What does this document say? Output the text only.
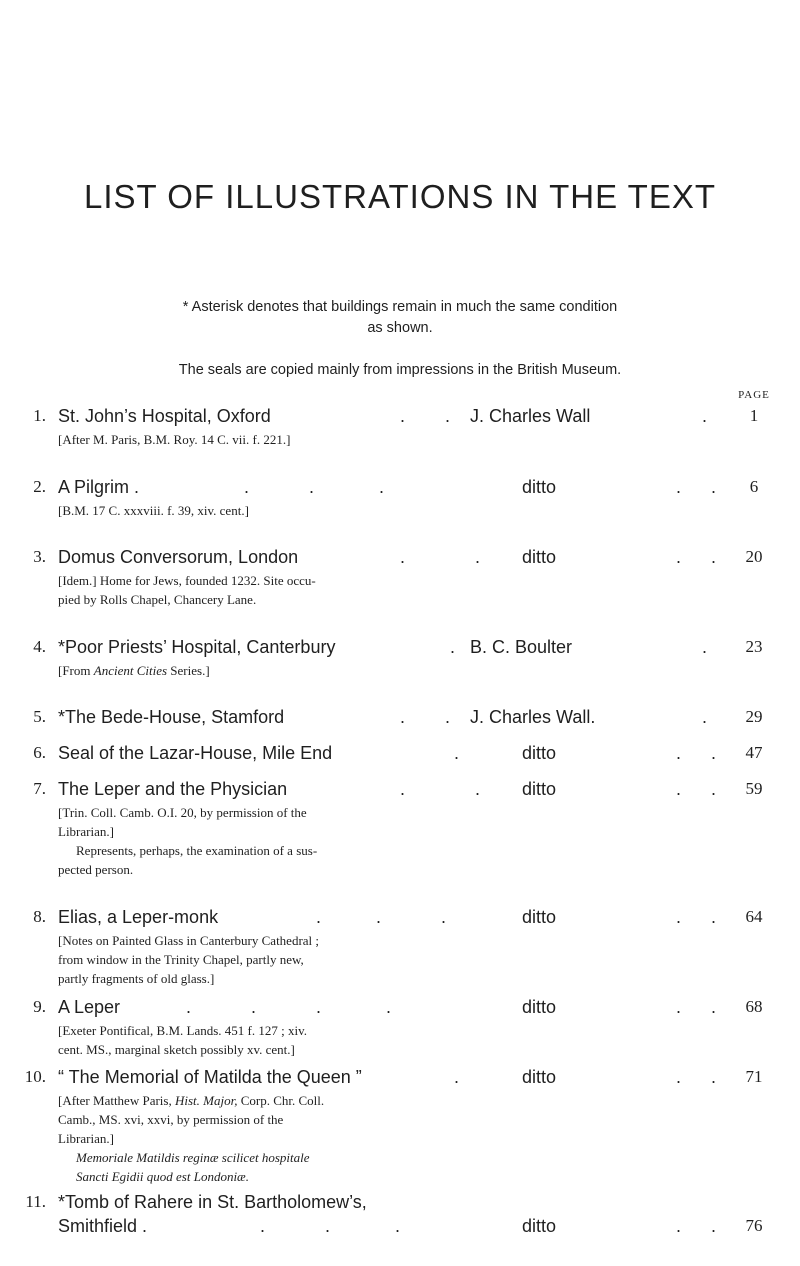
LIST OF ILLUSTRATIONS IN THE TEXT
* Asterisk denotes that buildings remain in much the same condition
as shown.
The seals are copied mainly from impressions in the British Museum.
PAGE
1. St. John’s Hospital, Oxford	.        . J. Charles Wall	.	1
[After M. Paris, B.M. Roy. 14 C. vii. f. 221.]
2. A Pilgrim .	.            .             .	ditto	.      .	6
[B.M. 17 C. xxxviii. f. 39, xiv. cent.]
3. Domus Conversorum, London	.              . ditto	.      .	20
[Idem.] Home for Jews, founded 1232. Site occu-
pied by Rolls Chapel, Chancery Lane.
4. *Poor Priests’ Hospital, Canterbury	. B. C. Boulter	.	23
[From Ancient Cities Series.]
5. *The Bede-House, Stamford	.        . J. Charles Wall.	.	29
6. Seal of the Lazar-House, Mile End	.	ditto	.      .	47
7. The Leper and the Physician	.              . ditto	.      .	59
[Trin. Coll. Camb. O.I. 20, by permission of the
Librarian.]
Represents, perhaps, the examination of a sus-
pected person.
8. Elias, a Leper-monk	.           .            .	ditto	.      .	64
[Notes on Painted Glass in Canterbury Cathedral ;
from window in the Trinity Chapel, partly new,
partly fragments of old glass.]
9. A Leper	.            .            .             .	ditto	.      .	68
[Exeter Pontifical, B.M. Lands. 451 f. 127 ; xiv.
cent. MS., marginal sketch possibly xv. cent.]
10. “ The Memorial of Matilda the Queen ”	.	ditto	.      .	71
[After Matthew Paris, Hist. Major, Corp. Chr. Coll.
Camb., MS. xvi, xxvi, by permission of the
Librarian.]
Memoriale Matildis reginæ scilicet hospitale
Sancti Egidii quod est Londoniæ.
11. *Tomb of Rahere in St. Bartholomew’s,
Smithfield .	.            .             .	ditto	.      .	76
